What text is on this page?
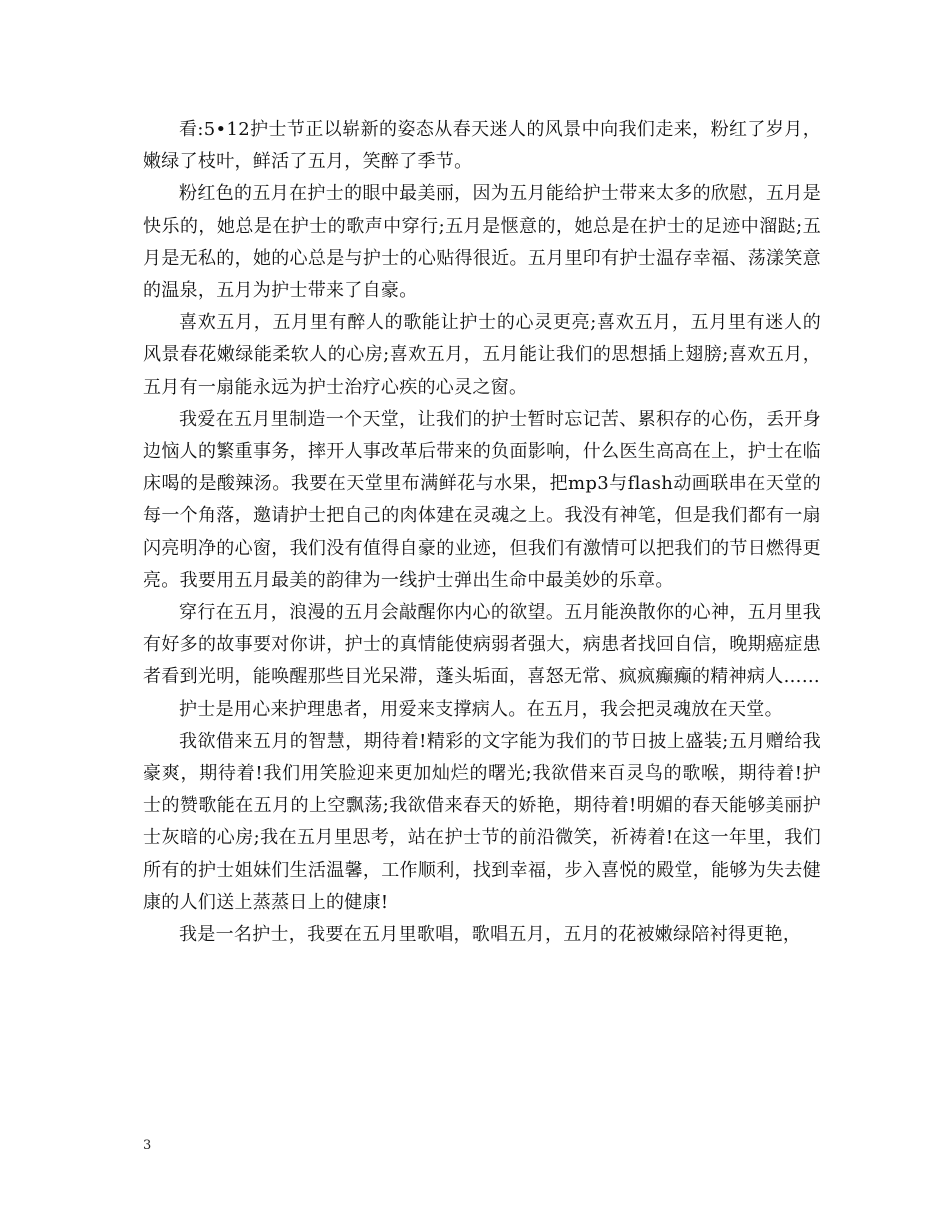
看:5•12护士节正以崭新的姿态从春天迷人的风景中向我们走来，粉红了岁月，嫩绿了枝叶，鲜活了五月，笑醉了季节。

粉红色的五月在护士的眼中最美丽，因为五月能给护士带来太多的欣慰，五月是快乐的，她总是在护士的歌声中穿行;五月是惬意的，她总是在护士的足迹中溜跶;五月是无私的，她的心总是与护士的心贴得很近。五月里印有护士温存幸福、荡漾笑意的温泉，五月为护士带来了自豪。

喜欢五月，五月里有醉人的歌能让护士的心灵更亮;喜欢五月，五月里有迷人的风景春花嫩绿能柔软人的心房;喜欢五月，五月能让我们的思想插上翅膀;喜欢五月，五月有一扇能永远为护士治疗心疾的心灵之窗。

我爱在五月里制造一个天堂，让我们的护士暂时忘记苦、累积存的心伤，丢开身边恼人的繁重事务，摔开人事改革后带来的负面影响，什么医生高高在上，护士在临床喝的是酸辣汤。我要在天堂里布满鲜花与水果，把mp3与flash动画联串在天堂的每一个角落，邀请护士把自己的肉体建在灵魂之上。我没有神笔，但是我们都有一扇闪亮明净的心窗，我们没有值得自豪的业迹，但我们有激情可以把我们的节日燃得更亮。我要用五月最美的韵律为一线护士弹出生命中最美妙的乐章。

穿行在五月，浪漫的五月会敲醒你内心的欲望。五月能涣散你的心神，五月里我有好多的故事要对你讲，护士的真情能使病弱者强大，病患者找回自信，晚期癌症患者看到光明，能唤醒那些目光呆滞，蓬头垢面，喜怒无常、疯疯癫癫的精神病人……

护士是用心来护理患者，用爱来支撑病人。在五月，我会把灵魂放在天堂。

我欲借来五月的智慧，期待着!精彩的文字能为我们的节日披上盛装;五月赠给我豪爽，期待着!我们用笑脸迎来更加灿烂的曙光;我欲借来百灵鸟的歌喉，期待着!护士的赞歌能在五月的上空飘荡;我欲借来春天的娇艳，期待着!明媚的春天能够美丽护士灰暗的心房;我在五月里思考，站在护士节的前沿微笑，祈祷着!在这一年里，我们所有的护士姐妹们生活温馨，工作顺利，找到幸福，步入喜悦的殿堂，能够为失去健康的人们送上蒸蒸日上的健康!

我是一名护士，我要在五月里歌唱，歌唱五月，五月的花被嫩绿陪衬得更艳，

3
